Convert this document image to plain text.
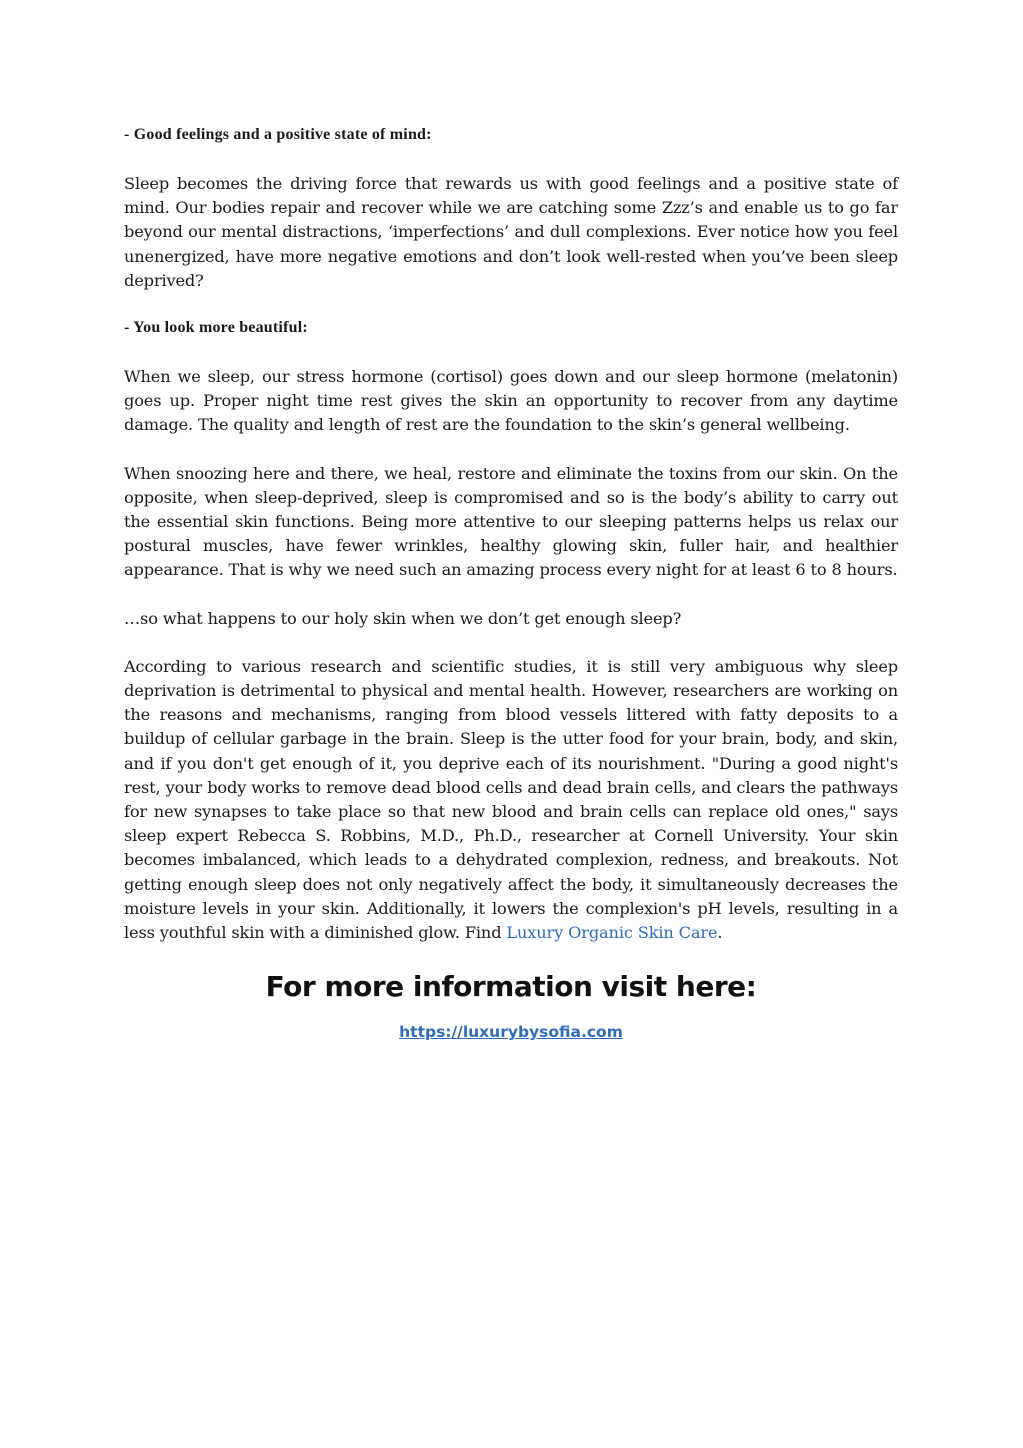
- Good feelings and a positive state of mind:

Sleep becomes the driving force that rewards us with good feelings and a positive state of mind. Our bodies repair and recover while we are catching some Zzz’s and enable us to go far beyond our mental distractions, ‘imperfections’ and dull complexions. Ever notice how you feel unenergized, have more negative emotions and don’t look well-rested when you’ve been sleep deprived?

- You look more beautiful:

When we sleep, our stress hormone (cortisol) goes down and our sleep hormone (melatonin) goes up. Proper night time rest gives the skin an opportunity to recover from any daytime damage. The quality and length of rest are the foundation to the skin’s general wellbeing.

When snoozing here and there, we heal, restore and eliminate the toxins from our skin. On the opposite, when sleep-deprived, sleep is compromised and so is the body’s ability to carry out the essential skin functions. Being more attentive to our sleeping patterns helps us relax our postural muscles, have fewer wrinkles, healthy glowing skin, fuller hair, and healthier appearance. That is why we need such an amazing process every night for at least 6 to 8 hours.

…so what happens to our holy skin when we don’t get enough sleep?

According to various research and scientific studies, it is still very ambiguous why sleep deprivation is detrimental to physical and mental health. However, researchers are working on the reasons and mechanisms, ranging from blood vessels littered with fatty deposits to a buildup of cellular garbage in the brain. Sleep is the utter food for your brain, body, and skin, and if you don't get enough of it, you deprive each of its nourishment. "During a good night's rest, your body works to remove dead blood cells and dead brain cells, and clears the pathways for new synapses to take place so that new blood and brain cells can replace old ones," says sleep expert Rebecca S. Robbins, M.D., Ph.D., researcher at Cornell University. Your skin becomes imbalanced, which leads to a dehydrated complexion, redness, and breakouts. Not getting enough sleep does not only negatively affect the body, it simultaneously decreases the moisture levels in your skin. Additionally, it lowers the complexion's pH levels, resulting in a less youthful skin with a diminished glow. Find Luxury Organic Skin Care.

For more information visit here:
https://luxurybysofia.com
